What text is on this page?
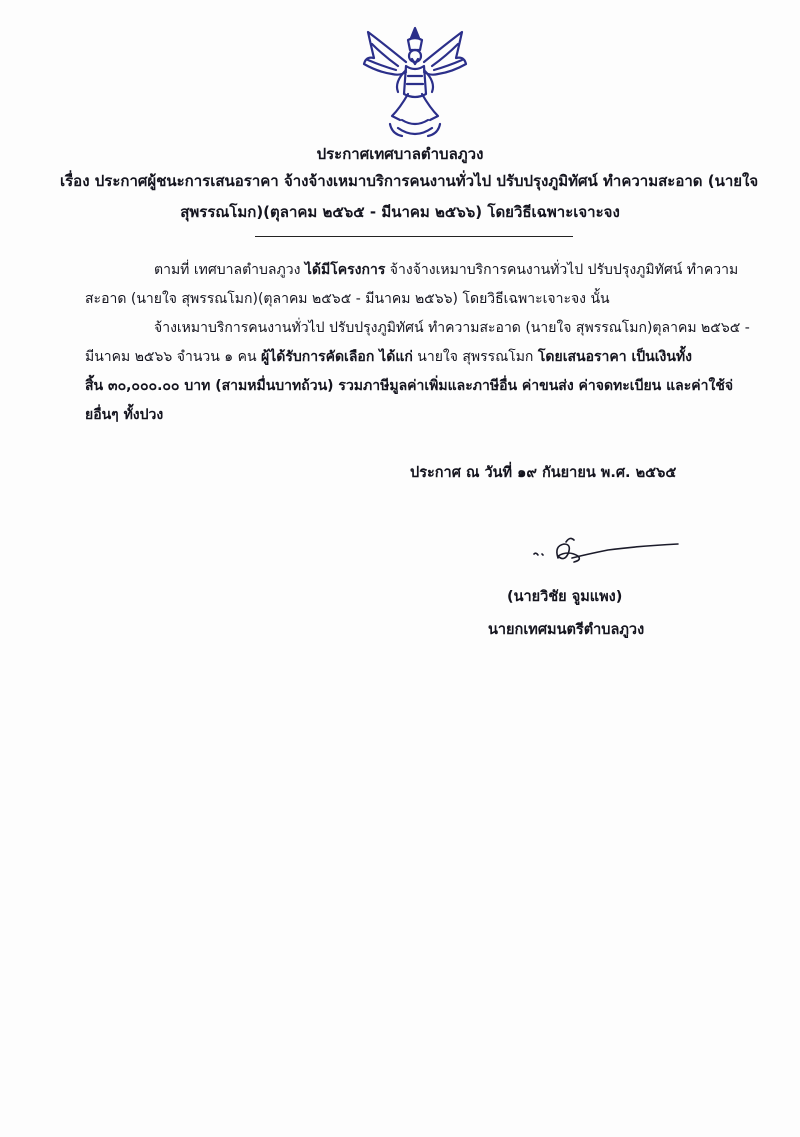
ประกาศเทศบาลตำบลภูวง
เรื่อง ประกาศผู้ชนะการเสนอราคา จ้างจ้างเหมาบริการคนงานทั่วไป ปรับปรุงภูมิทัศน์ ทำความสะอาด (นายใจ
สุพรรณโมก)(ตุลาคม ๒๕๖๕ - มีนาคม ๒๕๖๖) โดยวิธีเฉพาะเจาะจง
ตามที่ เทศบาลตำบลภูวง ได้มีโครงการ จ้างจ้างเหมาบริการคนงานทั่วไป ปรับปรุงภูมิทัศน์ ทำความ
สะอาด (นายใจ สุพรรณโมก)(ตุลาคม ๒๕๖๕ - มีนาคม ๒๕๖๖) โดยวิธีเฉพาะเจาะจง นั้น
จ้างเหมาบริการคนงานทั่วไป ปรับปรุงภูมิทัศน์ ทำความสะอาด (นายใจ สุพรรณโมก)ตุลาคม ๒๕๖๕ -
มีนาคม ๒๕๖๖ จำนวน ๑ คน ผู้ได้รับการคัดเลือก ได้แก่ นายใจ สุพรรณโมก โดยเสนอราคา เป็นเงินทั้ง
สิ้น ๓๐,๐๐๐.๐๐ บาท (สามหมื่นบาทถ้วน) รวมภาษีมูลค่าเพิ่มและภาษีอื่น ค่าขนส่ง ค่าจดทะเบียน และค่าใช้จ่
ยอื่นๆ ทั้งปวง
ประกาศ ณ วันที่ ๑๙ กันยายน พ.ศ. ๒๕๖๕
(นายวิชัย จูมแพง)
นายกเทศมนตรีตำบลภูวง
